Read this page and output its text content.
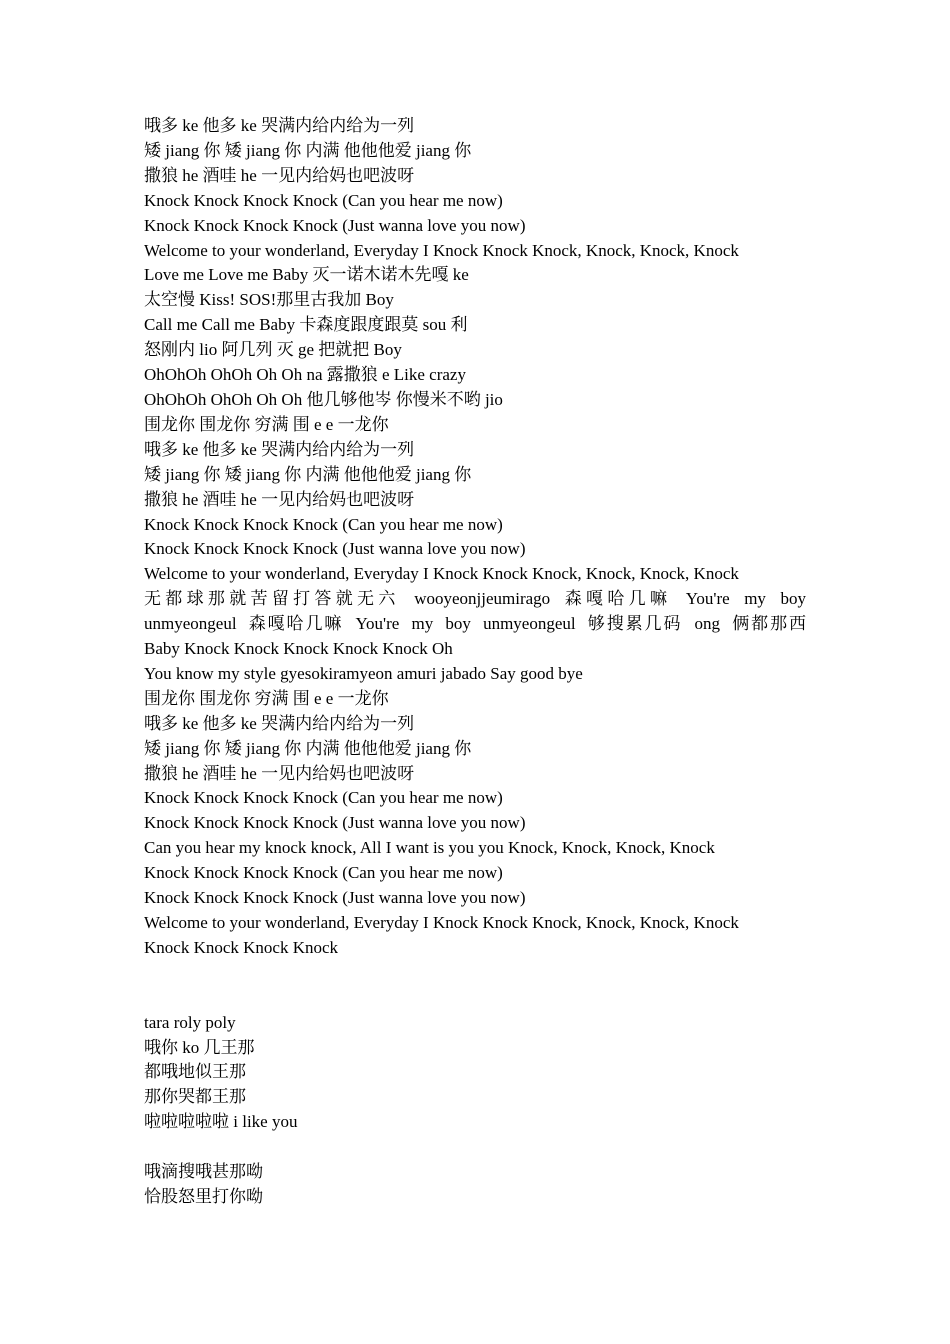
哦多 ke 他多 ke 哭满内给内给为一列
矮 jiang 你 矮 jiang 你 内满 他他他爱 jiang 你
撒狼 he 酒哇 he 一见内给妈也吧波呀
Knock Knock Knock Knock (Can you hear me now)
Knock Knock Knock Knock (Just wanna love you now)
Welcome to your wonderland, Everyday I Knock Knock Knock, Knock, Knock, Knock
Love me Love me Baby 灭一诺木诺木先嘎 ke
太空慢 Kiss! SOS!那里古我加 Boy
Call me Call me Baby 卡森度跟度跟莫 sou 利
怒刚内 lio 阿几列 灭 ge 把就把 Boy
OhOhOh OhOh Oh Oh na 露撒狼 e Like crazy
OhOhOh OhOh Oh Oh 他几够他岑 你慢米不哟 jio
围龙你 围龙你 穷满 围 e e 一龙你
哦多 ke 他多 ke 哭满内给内给为一列
矮 jiang 你 矮 jiang 你 内满 他他他爱 jiang 你
撒狼 he 酒哇 he 一见内给妈也吧波呀
Knock Knock Knock Knock (Can you hear me now)
Knock Knock Knock Knock (Just wanna love you now)
Welcome to your wonderland, Everyday I Knock Knock Knock, Knock, Knock, Knock
无都球那就苦留打答就无六 wooyeonjjeumirago 森嘎哈几嘛 You're my boy
unmyeongeul 森嘎哈几嘛 You're my boy unmyeongeul 够搜累几码 ong 俩都那西
Baby Knock Knock Knock Knock Knock Oh
You know my style gyesokiramyeon amuri jabado Say good bye
围龙你 围龙你 穷满 围 e e 一龙你
哦多 ke 他多 ke 哭满内给内给为一列
矮 jiang 你 矮 jiang 你 内满 他他他爱 jiang 你
撒狼 he 酒哇 he 一见内给妈也吧波呀
Knock Knock Knock Knock (Can you hear me now)
Knock Knock Knock Knock (Just wanna love you now)
Can you hear my knock knock, All I want is you you Knock, Knock, Knock, Knock
Knock Knock Knock Knock (Can you hear me now)
Knock Knock Knock Knock (Just wanna love you now)
Welcome to your wonderland, Everyday I Knock Knock Knock, Knock, Knock, Knock
Knock Knock Knock Knock
tara roly poly
哦你 ko 几王那
都哦地似王那
那你哭都王那
啦啦啦啦啦 i like you
哦滴搜哦甚那呦
恰股怒里打你呦
